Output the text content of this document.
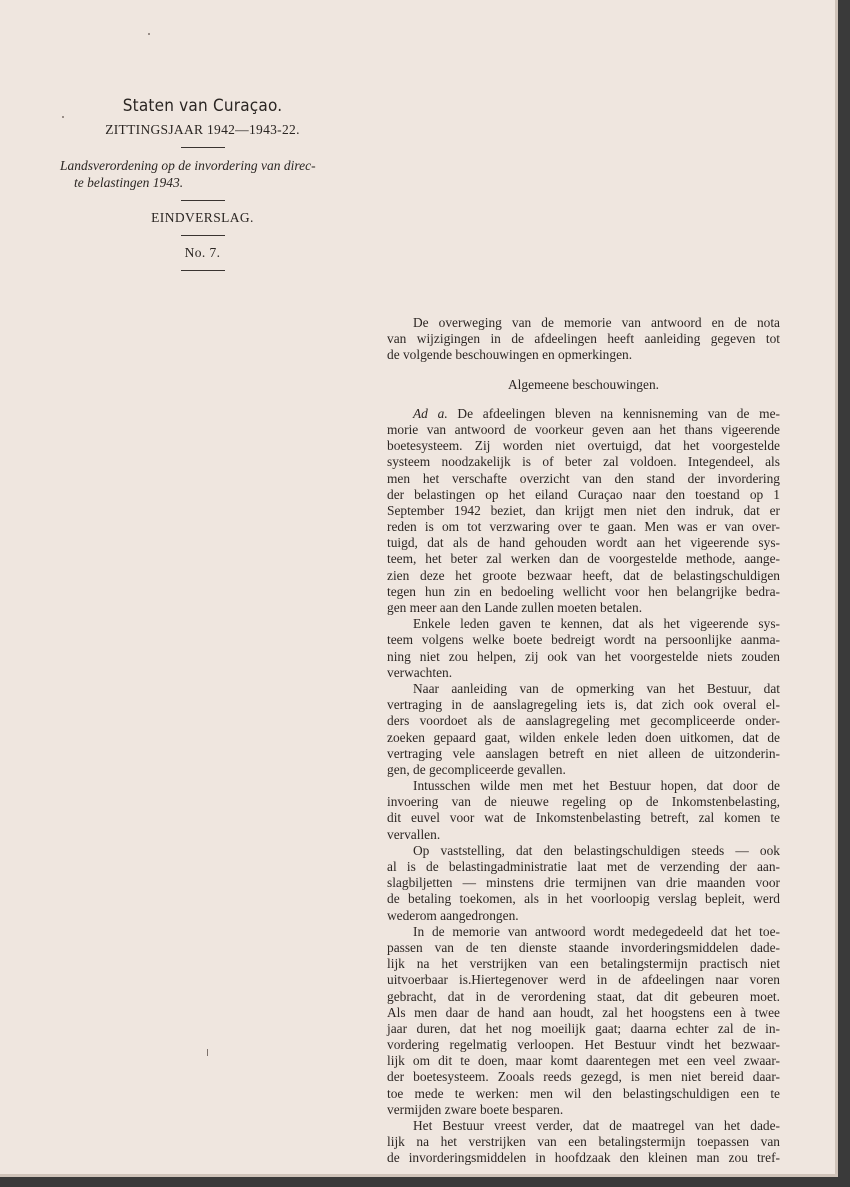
Staten van Curaçao.
ZITTINGSJAAR 1942—1943-22.
Landsverordening op de invordering van direc-
te belastingen 1943.
EINDVERSLAG.
No. 7.
De overweging van de memorie van antwoord en de nota
van wijzigingen in de afdeelingen heeft aanleiding gegeven tot
de volgende beschouwingen en opmerkingen.
Algemeene beschouwingen.
Ad a. De afdeelingen bleven na kennisneming van de me-
morie van antwoord de voorkeur geven aan het thans vigeerende
boetesysteem. Zij worden niet overtuigd, dat het voorgestelde
systeem noodzakelijk is of beter zal voldoen. Integendeel, als
men het verschafte overzicht van den stand der invordering
der belastingen op het eiland Curaçao naar den toestand op 1
September 1942 beziet, dan krijgt men niet den indruk, dat er
reden is om tot verzwaring over te gaan. Men was er van over-
tuigd, dat als de hand gehouden wordt aan het vigeerende sys-
teem, het beter zal werken dan de voorgestelde methode, aange-
zien deze het groote bezwaar heeft, dat de belastingschuldigen
tegen hun zin en bedoeling wellicht voor hen belangrijke bedra-
gen meer aan den Lande zullen moeten betalen.
Enkele leden gaven te kennen, dat als het vigeerende sys-
teem volgens welke boete bedreigt wordt na persoonlijke aanma-
ning niet zou helpen, zij ook van het voorgestelde niets zouden
verwachten.
Naar aanleiding van de opmerking van het Bestuur, dat
vertraging in de aanslagregeling iets is, dat zich ook overal el-
ders voordoet als de aanslagregeling met gecompliceerde onder-
zoeken gepaard gaat, wilden enkele leden doen uitkomen, dat de
vertraging vele aanslagen betreft en niet alleen de uitzonderin-
gen, de gecompliceerde gevallen.
Intusschen wilde men met het Bestuur hopen, dat door de
invoering van de nieuwe regeling op de Inkomstenbelasting,
dit euvel voor wat de Inkomstenbelasting betreft, zal komen te
vervallen.
Op vaststelling, dat den belastingschuldigen steeds — ook
al is de belastingadministratie laat met de verzending der aan-
slagbiljetten — minstens drie termijnen van drie maanden voor
de betaling toekomen, als in het voorloopig verslag bepleit, werd
wederom aangedrongen.
In de memorie van antwoord wordt medegedeeld dat het toe-
passen van de ten dienste staande invorderingsmiddelen dade-
lijk na het verstrijken van een betalingstermijn practisch niet
uitvoerbaar is.Hiertegenover werd in de afdeelingen naar voren
gebracht, dat in de verordening staat, dat dit gebeuren moet.
Als men daar de hand aan houdt, zal het hoogstens een à twee
jaar duren, dat het nog moeilijk gaat; daarna echter zal de in-
vordering regelmatig verloopen. Het Bestuur vindt het bezwaar-
lijk om dit te doen, maar komt daarentegen met een veel zwaar-
der boetesysteem. Zooals reeds gezegd, is men niet bereid daar-
toe mede te werken: men wil den belastingschuldigen een te
vermijden zware boete besparen.
Het Bestuur vreest verder, dat de maatregel van het dade-
lijk na het verstrijken van een betalingstermijn toepassen van
de invorderingsmiddelen in hoofdzaak den kleinen man zou tref-
